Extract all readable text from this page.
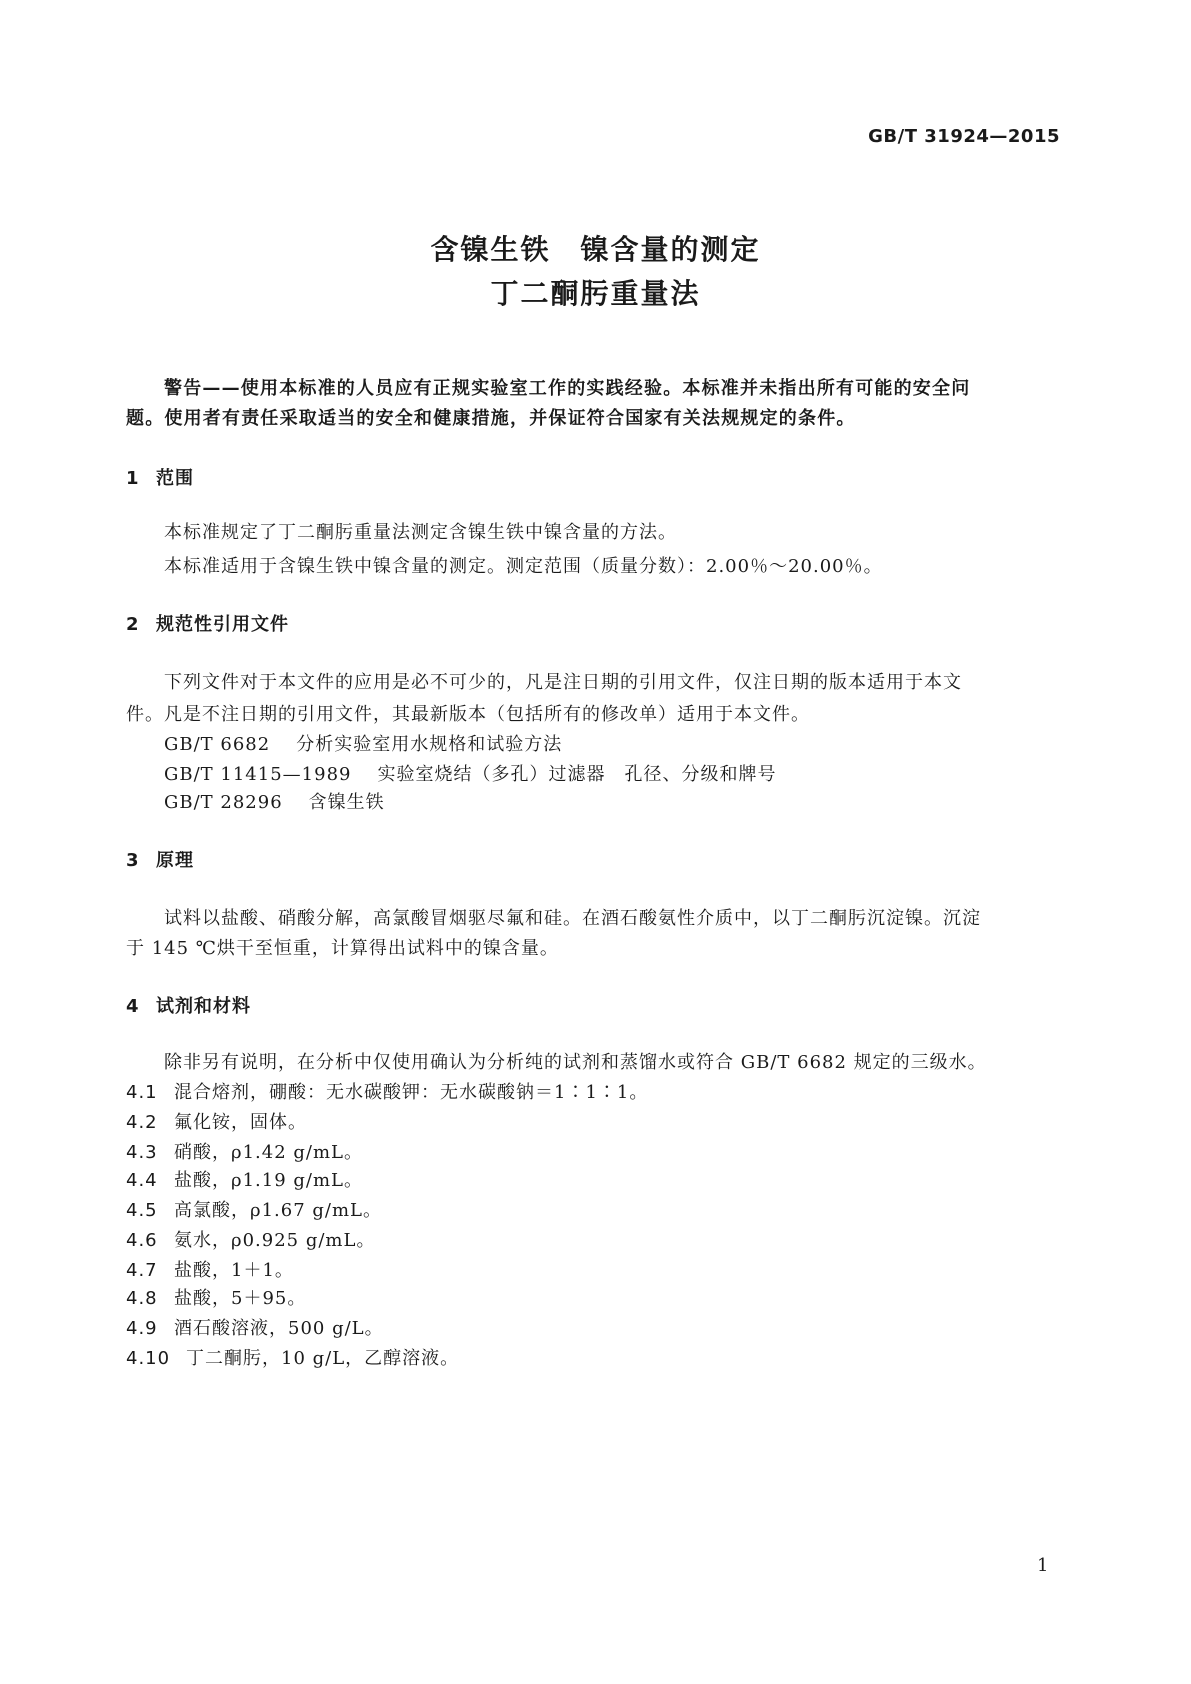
GB/T 31924—2015
含镍生铁　镍含量的测定
丁二酮肟重量法
警告——使用本标准的人员应有正规实验室工作的实践经验。本标准并未指出所有可能的安全问
题。使用者有责任采取适当的安全和健康措施，并保证符合国家有关法规规定的条件。
1 范围
本标准规定了丁二酮肟重量法测定含镍生铁中镍含量的方法。
本标准适用于含镍生铁中镍含量的测定。测定范围（质量分数）：2.00％～20.00％。
2 规范性引用文件
下列文件对于本文件的应用是必不可少的，凡是注日期的引用文件，仅注日期的版本适用于本文
件。凡是不注日期的引用文件，其最新版本（包括所有的修改单）适用于本文件。
GB/T 6682 分析实验室用水规格和试验方法
GB/T 11415—1989 实验室烧结（多孔）过滤器　孔径、分级和牌号
GB/T 28296 含镍生铁
3 原理
试料以盐酸、硝酸分解，高氯酸冒烟驱尽氟和硅。在酒石酸氨性介质中，以丁二酮肟沉淀镍。沉淀
于 145 ℃烘干至恒重，计算得出试料中的镍含量。
4 试剂和材料
除非另有说明，在分析中仅使用确认为分析纯的试剂和蒸馏水或符合 GB/T 6682 规定的三级水。
4.1 混合熔剂，硼酸：无水碳酸钾：无水碳酸钠＝1∶1∶1。
4.2 氟化铵，固体。
4.3 硝酸，ρ1.42 g/mL。
4.4 盐酸，ρ1.19 g/mL。
4.5 高氯酸，ρ1.67 g/mL。
4.6 氨水，ρ0.925 g/mL。
4.7 盐酸，1＋1。
4.8 盐酸，5＋95。
4.9 酒石酸溶液，500 g/L。
4.10 丁二酮肟，10 g/L，乙醇溶液。
1
